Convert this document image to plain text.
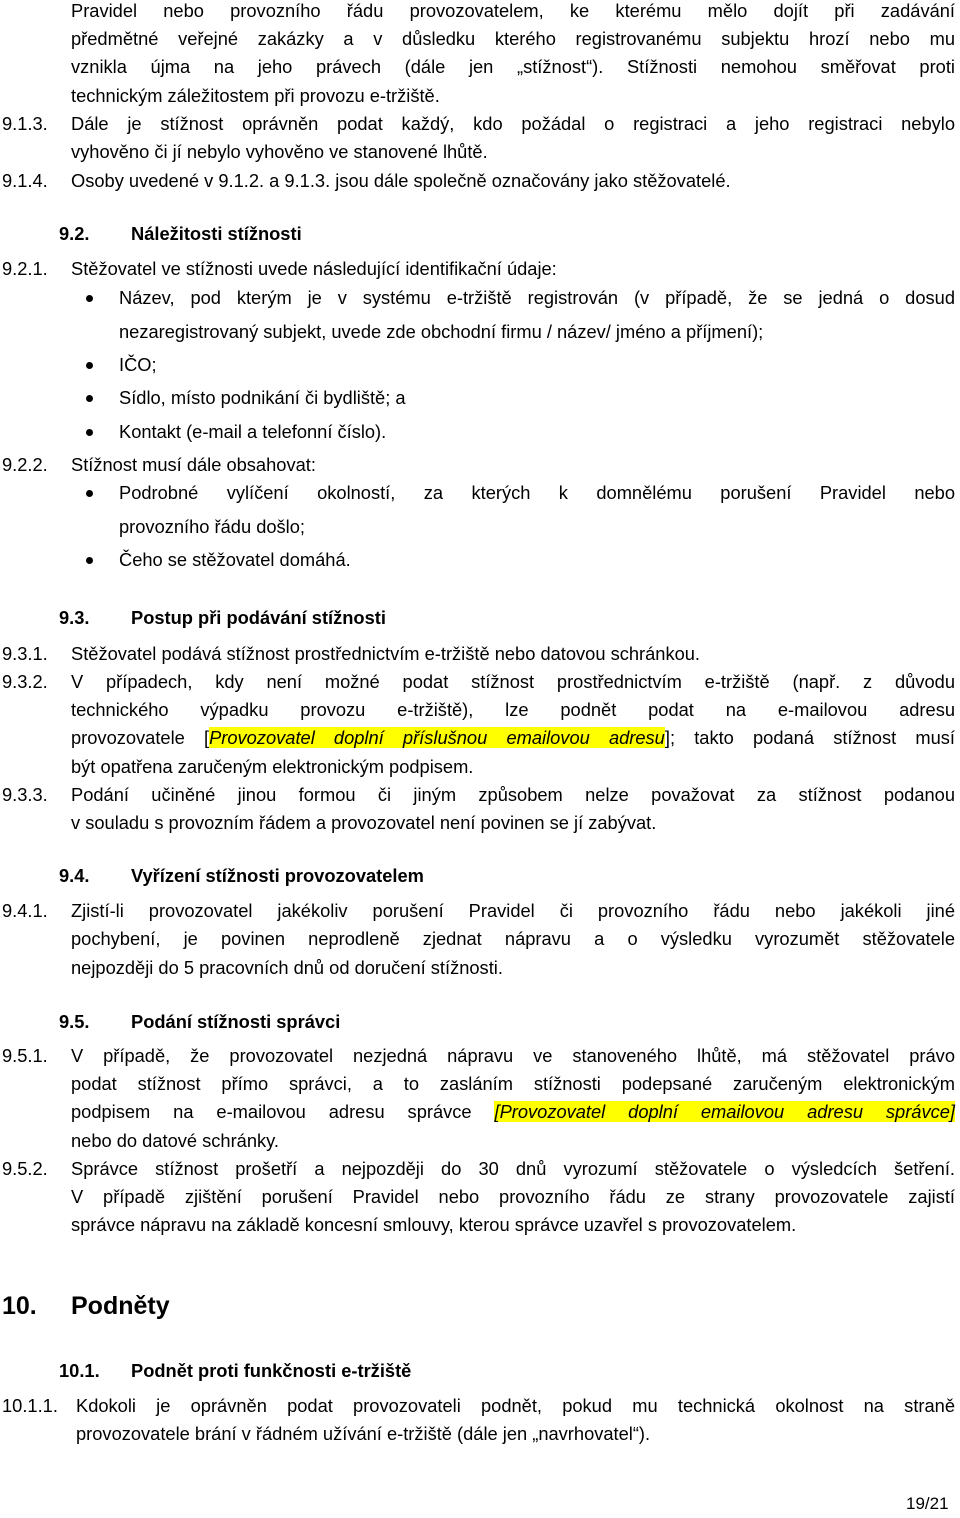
Pravidel nebo provozního řádu provozovatelem, ke kterému mělo dojít při zadávání
předmětné veřejné zakázky a v důsledku kterého registrovanému subjektu hrozí nebo mu
vznikla újma na jeho právech (dále jen „stížnost“). Stížnosti nemohou směřovat proti
technickým záležitostem při provozu e-tržiště.
9.1.3. Dále je stížnost oprávněn podat každý, kdo požádal o registraci a jeho registraci nebylo
vyhověno či jí nebylo vyhověno ve stanovené lhůtě.
9.1.4. Osoby uvedené v 9.1.2. a 9.1.3. jsou dále společně označovány jako stěžovatelé.
9.2. Náležitosti stížnosti
9.2.1. Stěžovatel ve stížnosti uvede následující identifikační údaje:
Název, pod kterým je v systému e-tržiště registrován (v případě, že se jedná o dosud
nezaregistrovaný subjekt, uvede zde obchodní firmu / název/ jméno a příjmení);
IČO;
Sídlo, místo podnikání či bydliště; a
Kontakt (e-mail a telefonní číslo).
9.2.2. Stížnost musí dále obsahovat:
Podrobné vylíčení okolností, za kterých k domnělému porušení Pravidel nebo
provozního řádu došlo;
Čeho se stěžovatel domáhá.
9.3. Postup při podávání stížnosti
9.3.1. Stěžovatel podává stížnost prostřednictvím e-tržiště nebo datovou schránkou.
9.3.2. V případech, kdy není možné podat stížnost prostřednictvím e-tržiště (např. z důvodu
technického výpadku provozu e-tržiště), lze podnět podat na e-mailovou adresu
provozovatele [Provozovatel doplní příslušnou emailovou adresu]; takto podaná stížnost musí
být opatřena zaručeným elektronickým podpisem.
9.3.3. Podání učiněné jinou formou či jiným způsobem nelze považovat za stížnost podanou
v souladu s provozním řádem a provozovatel není povinen se jí zabývat.
9.4. Vyřízení stížnosti provozovatelem
9.4.1. Zjistí-li provozovatel jakékoliv porušení Pravidel či provozního řádu nebo jakékoli jiné
pochybení, je povinen neprodleně zjednat nápravu a o výsledku vyrozumět stěžovatele
nejpozději do 5 pracovních dnů od doručení stížnosti.
9.5. Podání stížnosti správci
9.5.1. V případě, že provozovatel nezjedná nápravu ve stanoveného lhůtě, má stěžovatel právo
podat stížnost přímo správci, a to zasláním stížnosti podepsané zaručeným elektronickým
podpisem na e-mailovou adresu správce [Provozovatel doplní emailovou adresu správce]
nebo do datové schránky.
9.5.2. Správce stížnost prošetří a nejpozději do 30 dnů vyrozumí stěžovatele o výsledcích šetření.
V případě zjištění porušení Pravidel nebo provozního řádu ze strany provozovatele zajistí
správce nápravu na základě koncesní smlouvy, kterou správce uzavřel s provozovatelem.
10. Podněty
10.1. Podnět proti funkčnosti e-tržiště
10.1.1. Kdokoli je oprávněn podat provozovateli podnět, pokud mu technická okolnost na straně
provozovatele brání v řádném užívání e-tržiště (dále jen „navrhovatel“).
19/21
